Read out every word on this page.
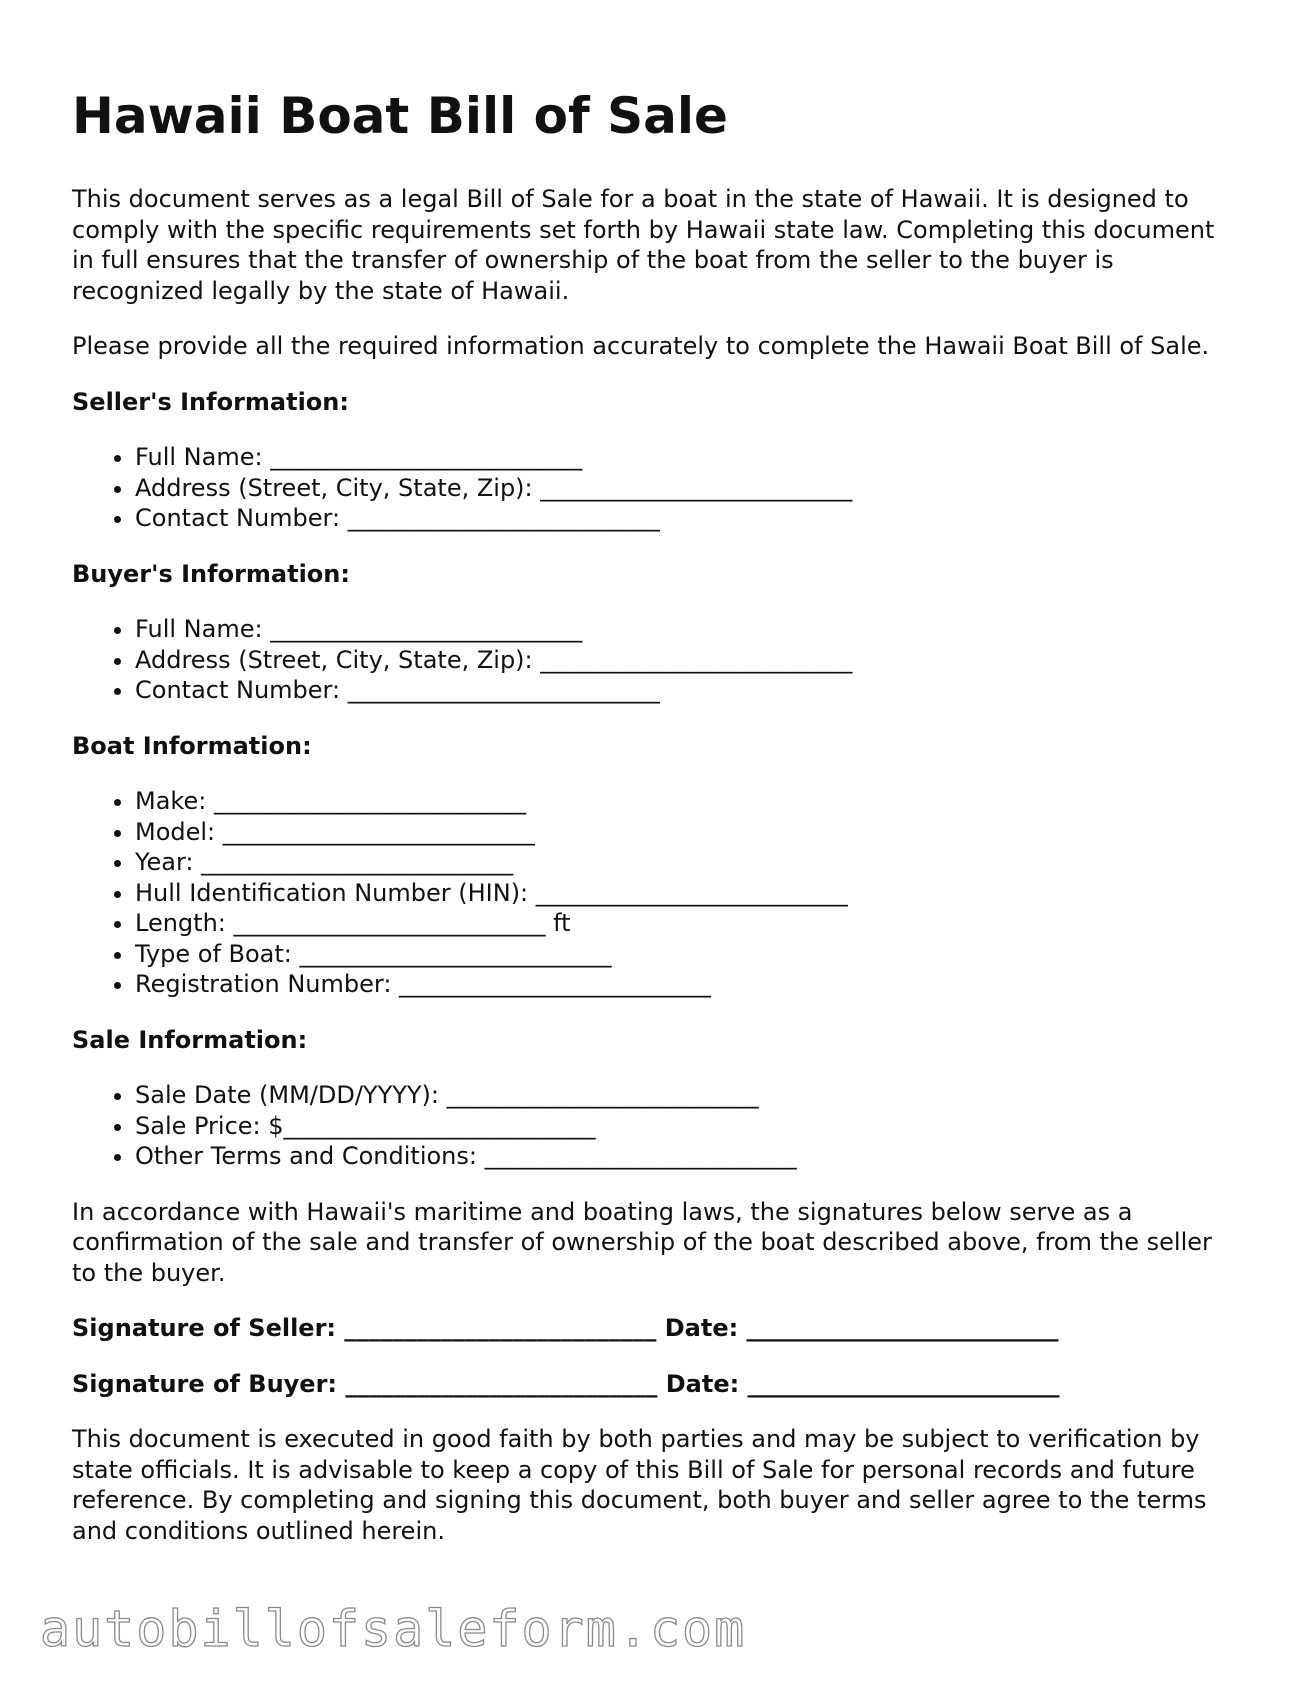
Hawaii Boat Bill of Sale

This document serves as a legal Bill of Sale for a boat in the state of Hawaii. It is designed to comply with the specific requirements set forth by Hawaii state law. Completing this document in full ensures that the transfer of ownership of the boat from the seller to the buyer is recognized legally by the state of Hawaii.

Please provide all the required information accurately to complete the Hawaii Boat Bill of Sale.

Seller's Information:
• Full Name: __________________________
• Address (Street, City, State, Zip): __________________________
• Contact Number: __________________________
Buyer's Information:
• Full Name: __________________________
• Address (Street, City, State, Zip): __________________________
• Contact Number: __________________________
Boat Information:
• Make: __________________________
• Model: __________________________
• Year: __________________________
• Hull Identification Number (HIN): __________________________
• Length: __________________________ ft
• Type of Boat: __________________________
• Registration Number: __________________________
Sale Information:
• Sale Date (MM/DD/YYYY): __________________________
• Sale Price: $__________________________
• Other Terms and Conditions: __________________________

In accordance with Hawaii's maritime and boating laws, the signatures below serve as a confirmation of the sale and transfer of ownership of the boat described above, from the seller to the buyer.

Signature of Seller: __________________________ Date: __________________________
Signature of Buyer: __________________________ Date: __________________________

This document is executed in good faith by both parties and may be subject to verification by state officials. It is advisable to keep a copy of this Bill of Sale for personal records and future reference. By completing and signing this document, both buyer and seller agree to the terms and conditions outlined herein.

autobillofsaleform.com
